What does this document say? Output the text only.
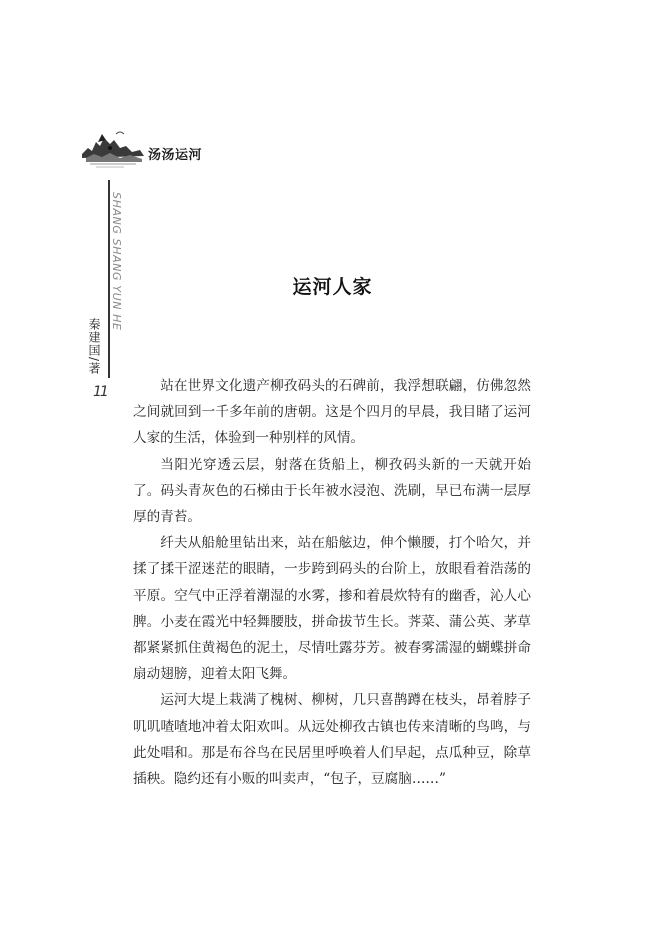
汤汤运河
SHANG SHANG YUN HE
秦建国/著
11
运河人家

站在世界文化遗产柳孜码头的石碑前，我浮想联翩，仿佛忽然之间就回到一千多年前的唐朝。这是个四月的早晨，我目睹了运河人家的生活，体验到一种别样的风情。

当阳光穿透云层，射落在货船上，柳孜码头新的一天就开始了。码头青灰色的石梯由于长年被水浸泡、洗刷，早已布满一层厚厚的青苔。

纤夫从船舱里钻出来，站在船舷边，伸个懒腰，打个哈欠，并揉了揉干涩迷茫的眼睛，一步跨到码头的台阶上，放眼看着浩荡的平原。空气中正浮着潮湿的水雾，掺和着晨炊特有的幽香，沁人心脾。小麦在霞光中轻舞腰肢，拼命拔节生长。荠菜、蒲公英、茅草都紧紧抓住黄褐色的泥土，尽情吐露芬芳。被春雾濡湿的蝴蝶拼命扇动翅膀，迎着太阳飞舞。

运河大堤上栽满了槐树、柳树，几只喜鹊蹲在枝头，昂着脖子叽叽喳喳地冲着太阳欢叫。从远处柳孜古镇也传来清晰的鸟鸣，与此处唱和。那是布谷鸟在民居里呼唤着人们早起，点瓜种豆，除草插秧。隐约还有小贩的叫卖声，“包子，豆腐脑……”
